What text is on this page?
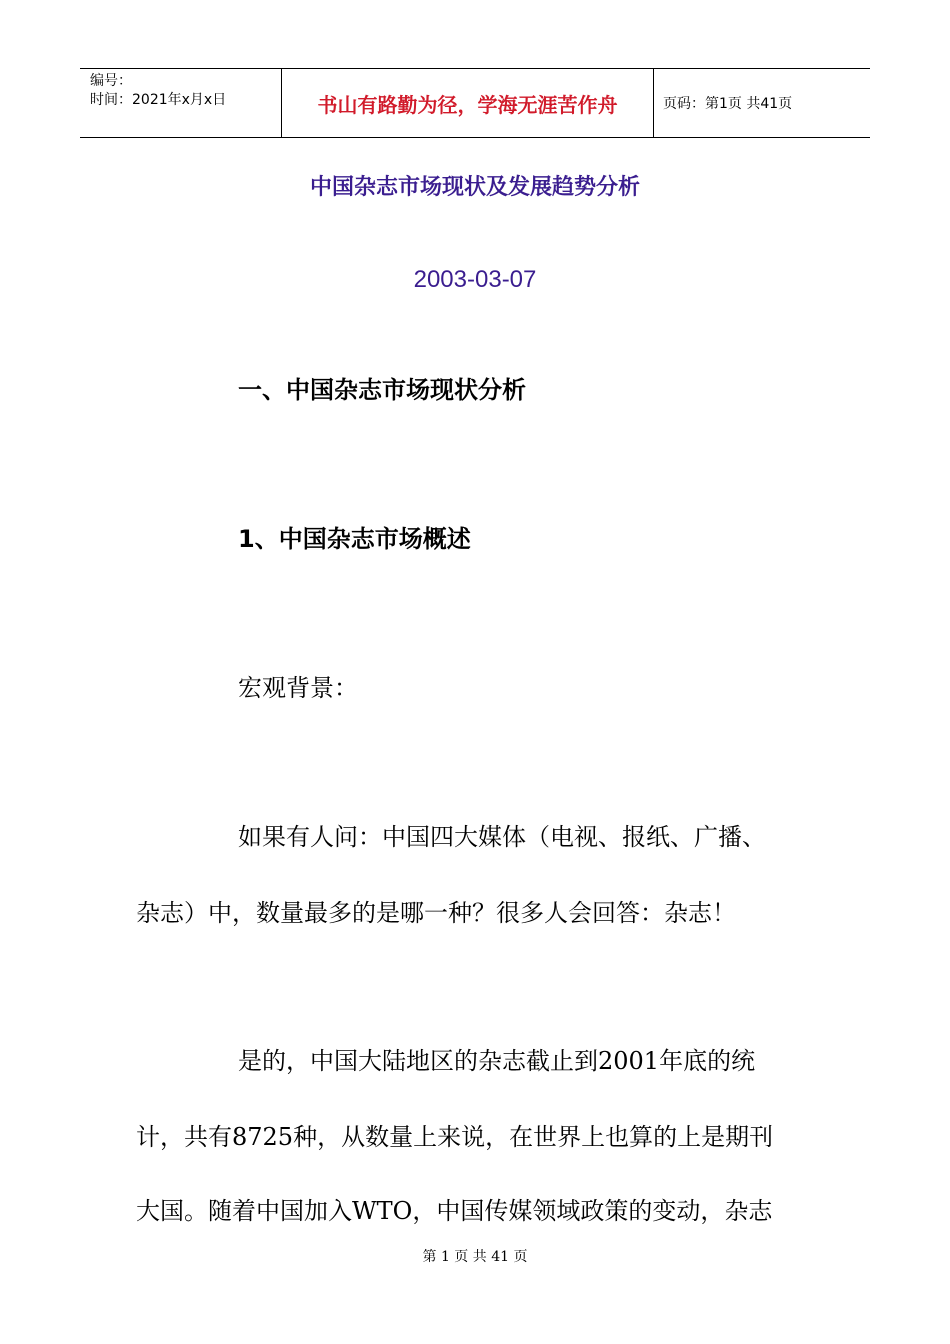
编号：
时间：2021年x月x日	书山有路勤为径，学海无涯苦作舟	页码：第1页 共41页
中国杂志市场现状及发展趋势分析
2003-03-07
一、中国杂志市场现状分析
1、中国杂志市场概述
宏观背景：
如果有人问：中国四大媒体（电视、报纸、广播、
杂志）中，数量最多的是哪一种？很多人会回答：杂志！
是的，中国大陆地区的杂志截止到2001年底的统
计，共有8725种，从数量上来说，在世界上也算的上是期刊
大国。随着中国加入WTO，中国传媒领域政策的变动，杂志
第 1 页 共 41 页
